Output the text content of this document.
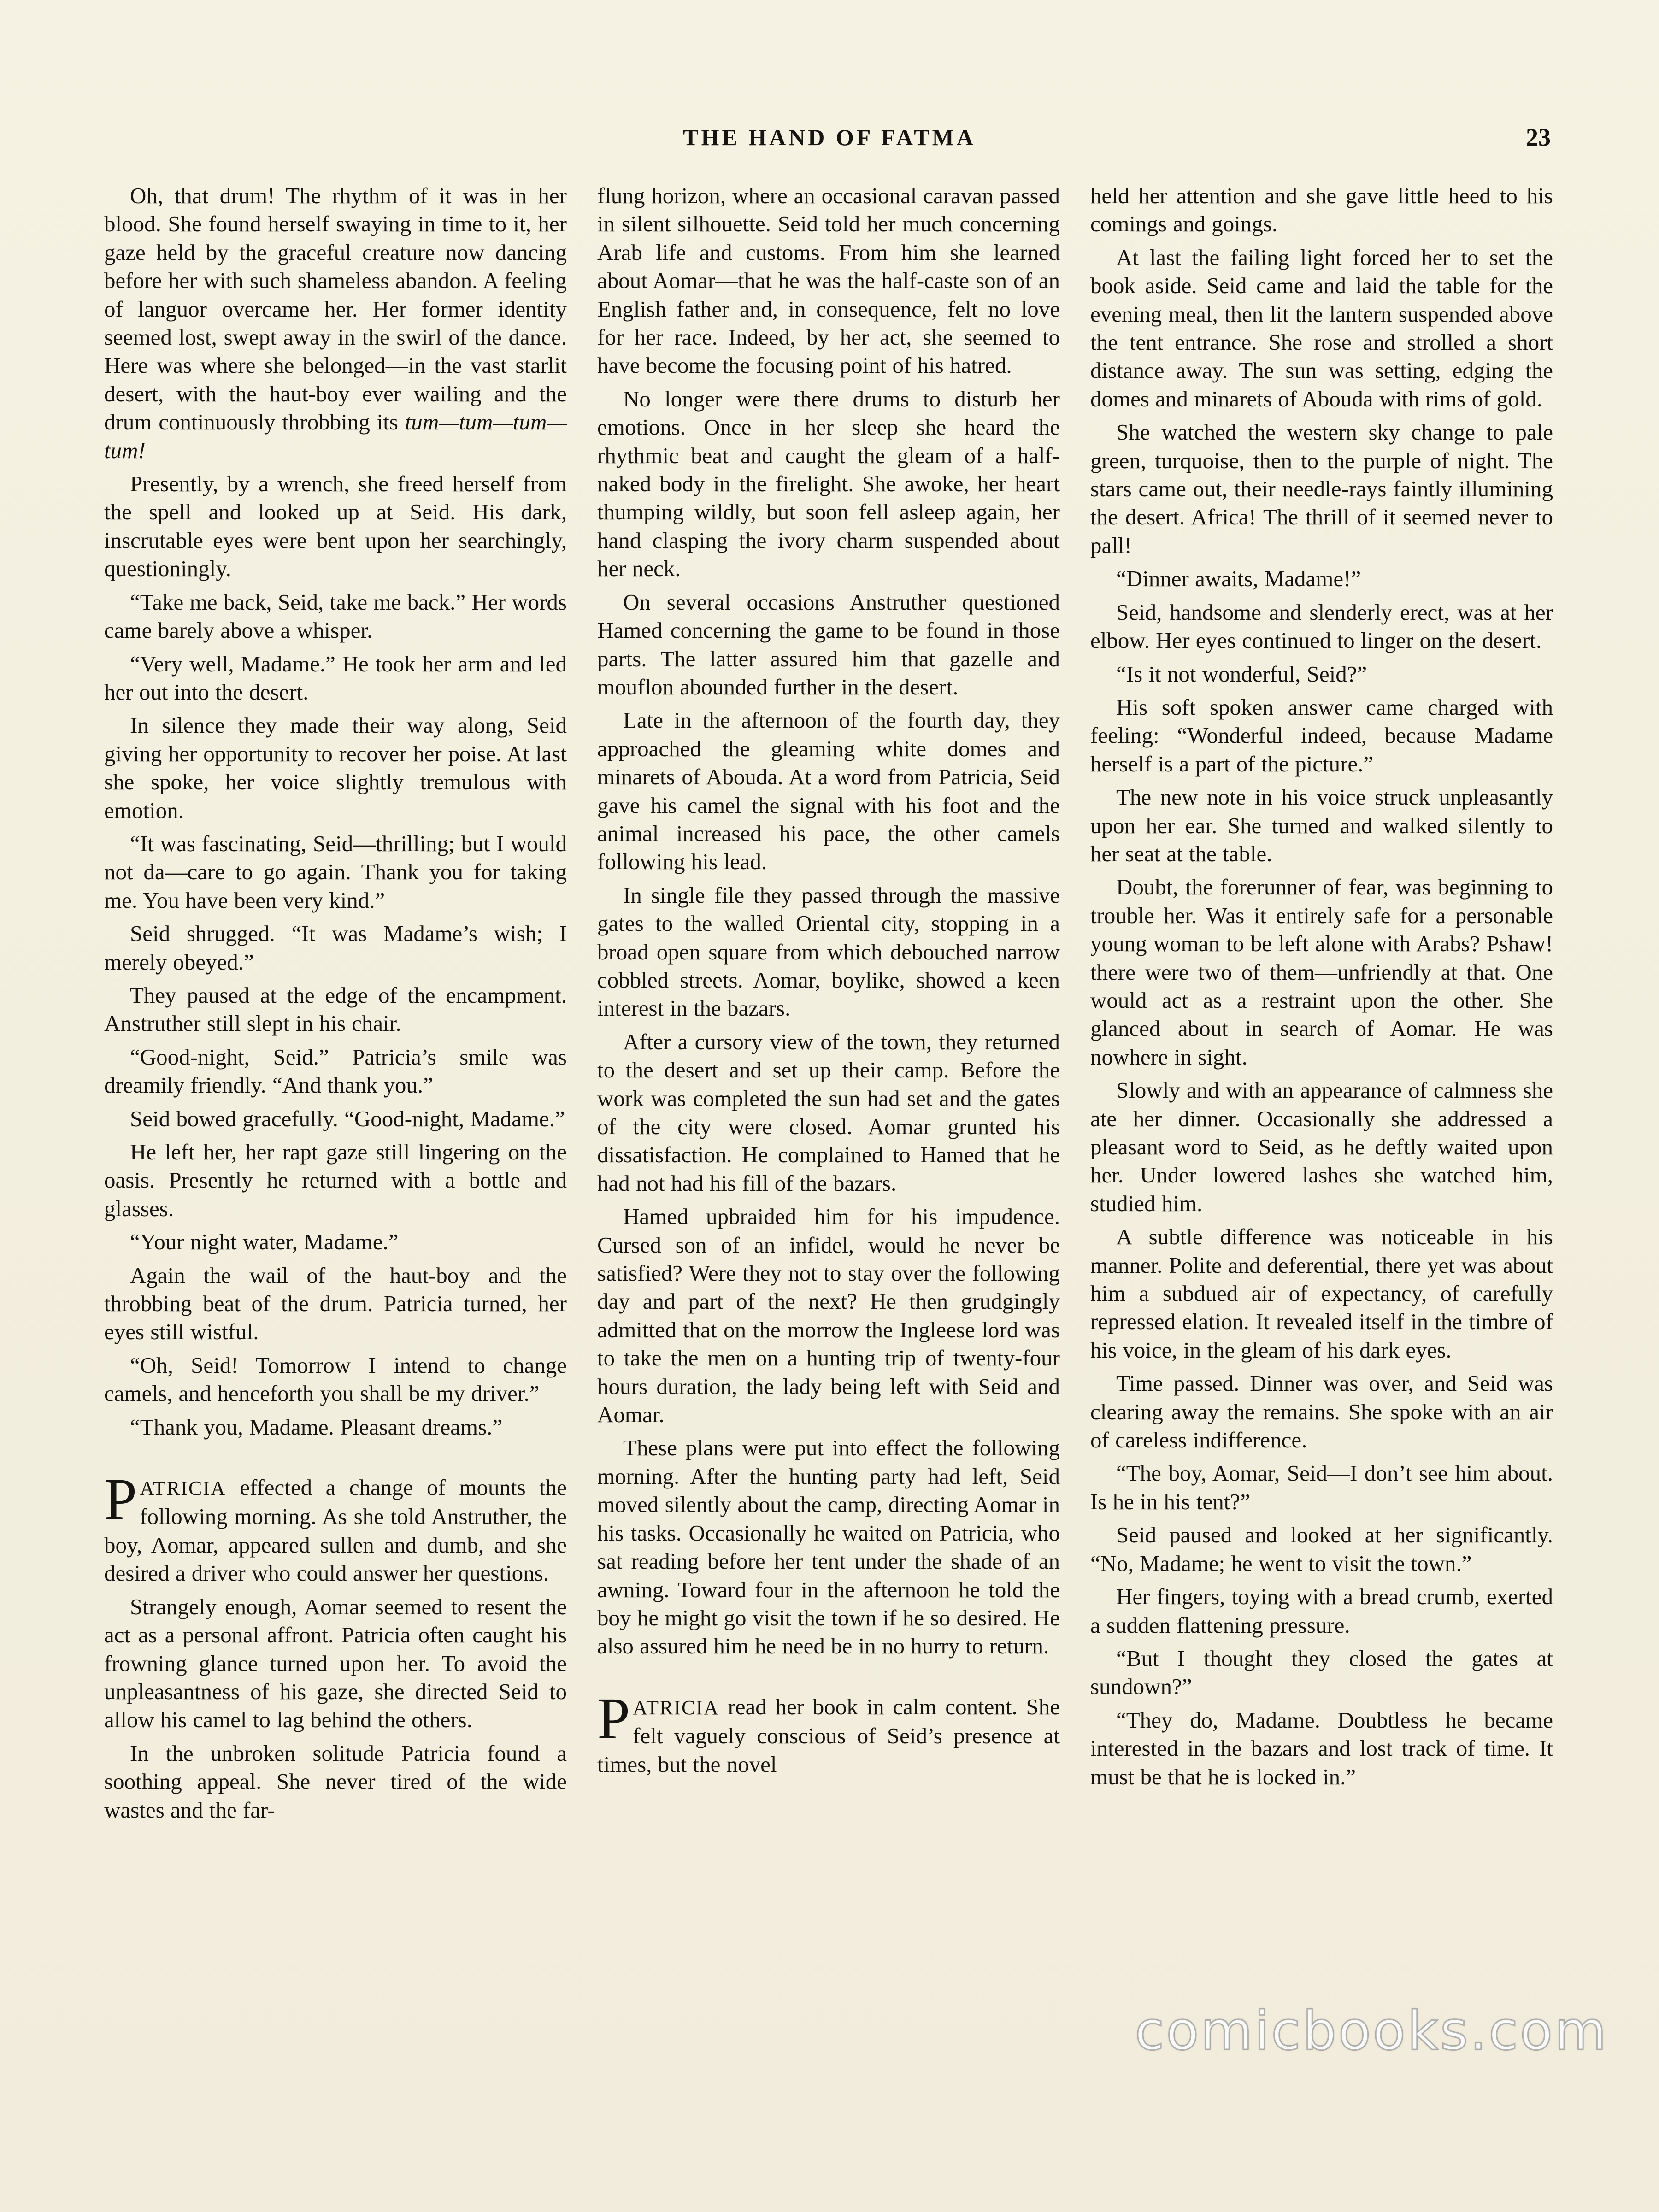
THE HAND OF FATMA	23

Oh, that drum! The rhythm of it was in her blood. She found herself swaying in time to it, her gaze held by the graceful creature now dancing before her with such shameless abandon. A feeling of languor overcame her. Her former identity seemed lost, swept away in the swirl of the dance. Here was where she belonged—in the vast starlit desert, with the haut-boy ever wailing and the drum continuously throbbing its tum—tum—tum—tum!

Presently, by a wrench, she freed herself from the spell and looked up at Seid. His dark, inscrutable eyes were bent upon her searchingly, questioningly.

“Take me back, Seid, take me back.” Her words came barely above a whisper.

“Very well, Madame.” He took her arm and led her out into the desert.

In silence they made their way along, Seid giving her opportunity to recover her poise. At last she spoke, her voice slightly tremulous with emotion.

“It was fascinating, Seid—thrilling; but I would not da—care to go again. Thank you for taking me. You have been very kind.”

Seid shrugged. “It was Madame’s wish; I merely obeyed.”

They paused at the edge of the encampment. Anstruther still slept in his chair.

“Good-night, Seid.” Patricia’s smile was dreamily friendly. “And thank you.”

Seid bowed gracefully. “Good-night, Madame.”

He left her, her rapt gaze still lingering on the oasis. Presently he returned with a bottle and glasses.

“Your night water, Madame.”

Again the wail of the haut-boy and the throbbing beat of the drum. Patricia turned, her eyes still wistful.

“Oh, Seid! Tomorrow I intend to change camels, and henceforth you shall be my driver.”

“Thank you, Madame. Pleasant dreams.”

PATRICIA effected a change of mounts the following morning. As she told Anstruther, the boy, Aomar, appeared sullen and dumb, and she desired a driver who could answer her questions.

Strangely enough, Aomar seemed to resent the act as a personal affront. Patricia often caught his frowning glance turned upon her. To avoid the unpleasantness of his gaze, she directed Seid to allow his camel to lag behind the others.

In the unbroken solitude Patricia found a soothing appeal. She never tired of the wide wastes and the far-

flung horizon, where an occasional caravan passed in silent silhouette. Seid told her much concerning Arab life and customs. From him she learned about Aomar—that he was the half-caste son of an English father and, in consequence, felt no love for her race. Indeed, by her act, she seemed to have become the focusing point of his hatred.

No longer were there drums to disturb her emotions. Once in her sleep she heard the rhythmic beat and caught the gleam of a half-naked body in the firelight. She awoke, her heart thumping wildly, but soon fell asleep again, her hand clasping the ivory charm suspended about her neck.

On several occasions Anstruther questioned Hamed concerning the game to be found in those parts. The latter assured him that gazelle and mouflon abounded further in the desert.

Late in the afternoon of the fourth day, they approached the gleaming white domes and minarets of Abouda. At a word from Patricia, Seid gave his camel the signal with his foot and the animal increased his pace, the other camels following his lead.

In single file they passed through the massive gates to the walled Oriental city, stopping in a broad open square from which debouched narrow cobbled streets. Aomar, boylike, showed a keen interest in the bazars.

After a cursory view of the town, they returned to the desert and set up their camp. Before the work was completed the sun had set and the gates of the city were closed. Aomar grunted his dissatisfaction. He complained to Hamed that he had not had his fill of the bazars.

Hamed upbraided him for his impudence. Cursed son of an infidel, would he never be satisfied? Were they not to stay over the following day and part of the next? He then grudgingly admitted that on the morrow the Ingleese lord was to take the men on a hunting trip of twenty-four hours duration, the lady being left with Seid and Aomar.

These plans were put into effect the following morning. After the hunting party had left, Seid moved silently about the camp, directing Aomar in his tasks. Occasionally he waited on Patricia, who sat reading before her tent under the shade of an awning. Toward four in the afternoon he told the boy he might go visit the town if he so desired. He also assured him he need be in no hurry to return.

PATRICIA read her book in calm content. She felt vaguely conscious of Seid’s presence at times, but the novel

held her attention and she gave little heed to his comings and goings.

At last the failing light forced her to set the book aside. Seid came and laid the table for the evening meal, then lit the lantern suspended above the tent entrance. She rose and strolled a short distance away. The sun was setting, edging the domes and minarets of Abouda with rims of gold.

She watched the western sky change to pale green, turquoise, then to the purple of night. The stars came out, their needle-rays faintly illumining the desert. Africa! The thrill of it seemed never to pall!

“Dinner awaits, Madame!”

Seid, handsome and slenderly erect, was at her elbow. Her eyes continued to linger on the desert.

“Is it not wonderful, Seid?”

His soft spoken answer came charged with feeling: “Wonderful indeed, because Madame herself is a part of the picture.”

The new note in his voice struck unpleasantly upon her ear. She turned and walked silently to her seat at the table.

Doubt, the forerunner of fear, was beginning to trouble her. Was it entirely safe for a personable young woman to be left alone with Arabs? Pshaw! there were two of them—unfriendly at that. One would act as a restraint upon the other. She glanced about in search of Aomar. He was nowhere in sight.

Slowly and with an appearance of calmness she ate her dinner. Occasionally she addressed a pleasant word to Seid, as he deftly waited upon her. Under lowered lashes she watched him, studied him.

A subtle difference was noticeable in his manner. Polite and deferential, there yet was about him a subdued air of expectancy, of carefully repressed elation. It revealed itself in the timbre of his voice, in the gleam of his dark eyes.

Time passed. Dinner was over, and Seid was clearing away the remains. She spoke with an air of careless indifference.

“The boy, Aomar, Seid—I don’t see him about. Is he in his tent?”

Seid paused and looked at her significantly. “No, Madame; he went to visit the town.”

Her fingers, toying with a bread crumb, exerted a sudden flattening pressure.

“But I thought they closed the gates at sundown?”

“They do, Madame. Doubtless he became interested in the bazars and lost track of time. It must be that he is locked in.”

comicbooks.com
